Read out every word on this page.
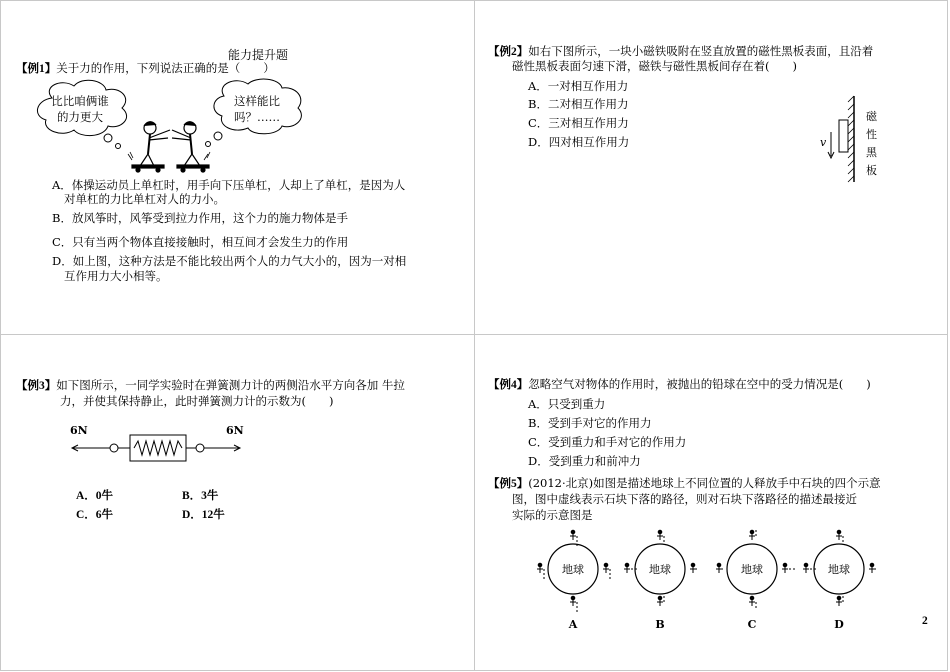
能力提升题
【例1】关于力的作用，下列说法正确的是（　　）
比比咱俩谁
的力更大
这样能比
吗？……
A．体操运动员上单杠时，用手向下压单杠，人却上了单杠，是因为人
对单杠的力比单杠对人的力小。
B．放风筝时，风筝受到拉力作用，这个力的施力物体是手
C．只有当两个物体直接接触时，相互间才会发生力的作用
D．如上图，这种方法是不能比较出两个人的力气大小的，因为一对相
互作用力大小相等。
【例2】如右下图所示，一块小磁铁吸附在竖直放置的磁性黑板表面，且沿着
磁性黑板表面匀速下滑，磁铁与磁性黑板间存在着(　　)
A．一对相互作用力
B．二对相互作用力
C．三对相互作用力
D．四对相互作用力	v
磁
性
黑
板
【例3】如下图所示，一同学实验时在弹簧测力计的两侧沿水平方向各加 牛拉
力，并使其保持静止，此时弹簧测力计的示数为(　　)
6N	6N
A．0牛	B．3牛
C．6牛	D．12牛
【例4】忽略空气对物体的作用时，被抛出的铅球在空中的受力情况是(　　)
A．只受到重力
B．受到手对它的作用力
C．受到重力和手对它的作用力
D．受到重力和前冲力
【例5】(2012·北京)如图是描述地球上不同位置的人释放手中石块的四个示意
图，图中虚线表示石块下落的路径，则对石块下落路径的描述最接近
实际的示意图是
地球
A
地球
B
地球
C
地球
D	2
